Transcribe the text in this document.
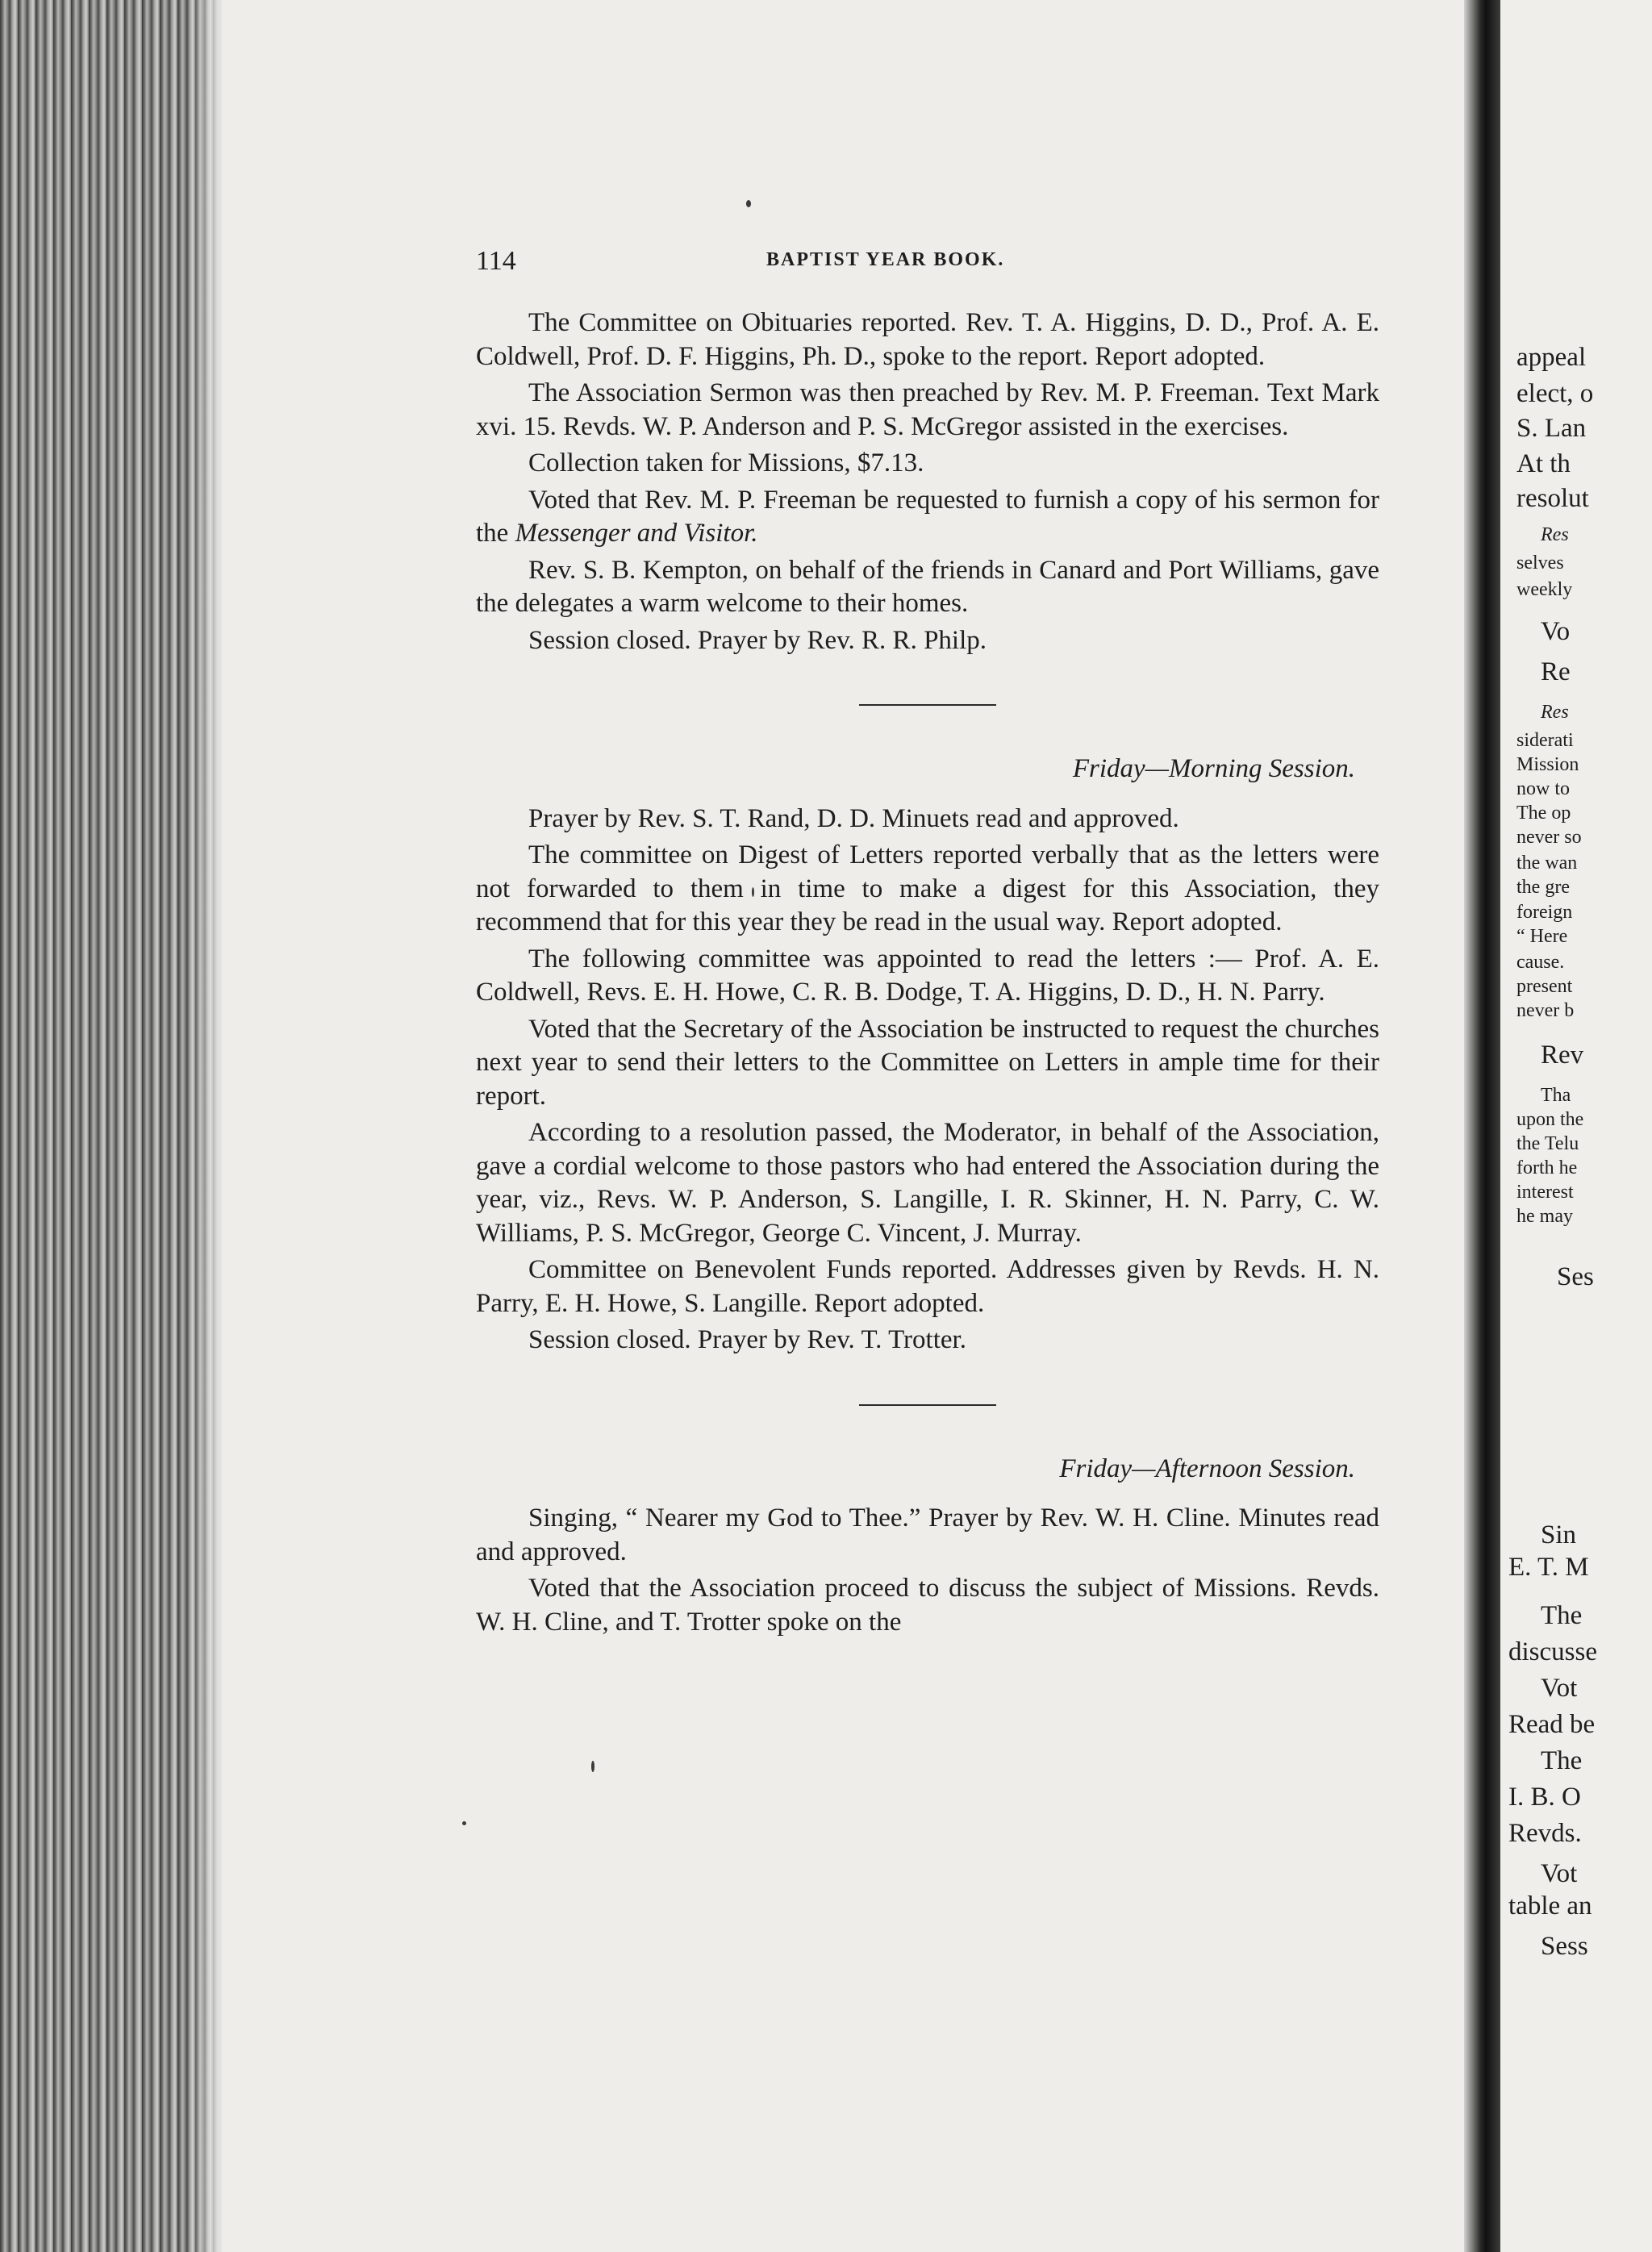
appeal
elect, o
S. Lan
At th
resolut
Res
selves
weekly
Vo
Re
Res
siderati
Mission
now to
The op
never so
the wan
the gre
foreign
“ Here
cause.
present
never b
Rev
Tha
upon the
the Telu
forth he
interest
he may
Ses
Sin
E. T. M
The
discusse
Vot
Read be
The
I. B. O
Revds.
Vot
table an
Sess
114	BAPTIST YEAR BOOK.

The Committee on Obituaries reported. Rev. T. A. Higgins, D. D., Prof. A. E. Coldwell, Prof. D. F. Higgins, Ph. D., spoke to the report. Report adopted.

The Association Sermon was then preached by Rev. M. P. Freeman. Text Mark xvi. 15. Revds. W. P. Anderson and P. S. McGregor assisted in the exercises.

Collection taken for Missions, $7.13.

Voted that Rev. M. P. Freeman be requested to furnish a copy of his sermon for the Messenger and Visitor.

Rev. S. B. Kempton, on behalf of the friends in Canard and Port Williams, gave the delegates a warm welcome to their homes.

Session closed. Prayer by Rev. R. R. Philp.

Friday—Morning Session.

Prayer by Rev. S. T. Rand, D. D. Minuets read and approved.

The committee on Digest of Letters reported verbally that as the letters were not forwarded to them in time to make a digest for this Association, they recommend that for this year they be read in the usual way. Report adopted.

The following committee was appointed to read the letters :— Prof. A. E. Coldwell, Revs. E. H. Howe, C. R. B. Dodge, T. A. Higgins, D. D., H. N. Parry.

Voted that the Secretary of the Association be instructed to request the churches next year to send their letters to the Committee on Letters in ample time for their report.

According to a resolution passed, the Moderator, in behalf of the Association, gave a cordial welcome to those pastors who had entered the Association during the year, viz., Revs. W. P. Anderson, S. Langille, I. R. Skinner, H. N. Parry, C. W. Williams, P. S. McGregor, George C. Vincent, J. Murray.

Committee on Benevolent Funds reported. Addresses given by Revds. H. N. Parry, E. H. Howe, S. Langille. Report adopted.

Session closed. Prayer by Rev. T. Trotter.

Friday—Afternoon Session.

Singing, “ Nearer my God to Thee.” Prayer by Rev. W. H. Cline. Minutes read and approved.

Voted that the Association proceed to discuss the subject of Missions. Revds. W. H. Cline, and T. Trotter spoke on the
